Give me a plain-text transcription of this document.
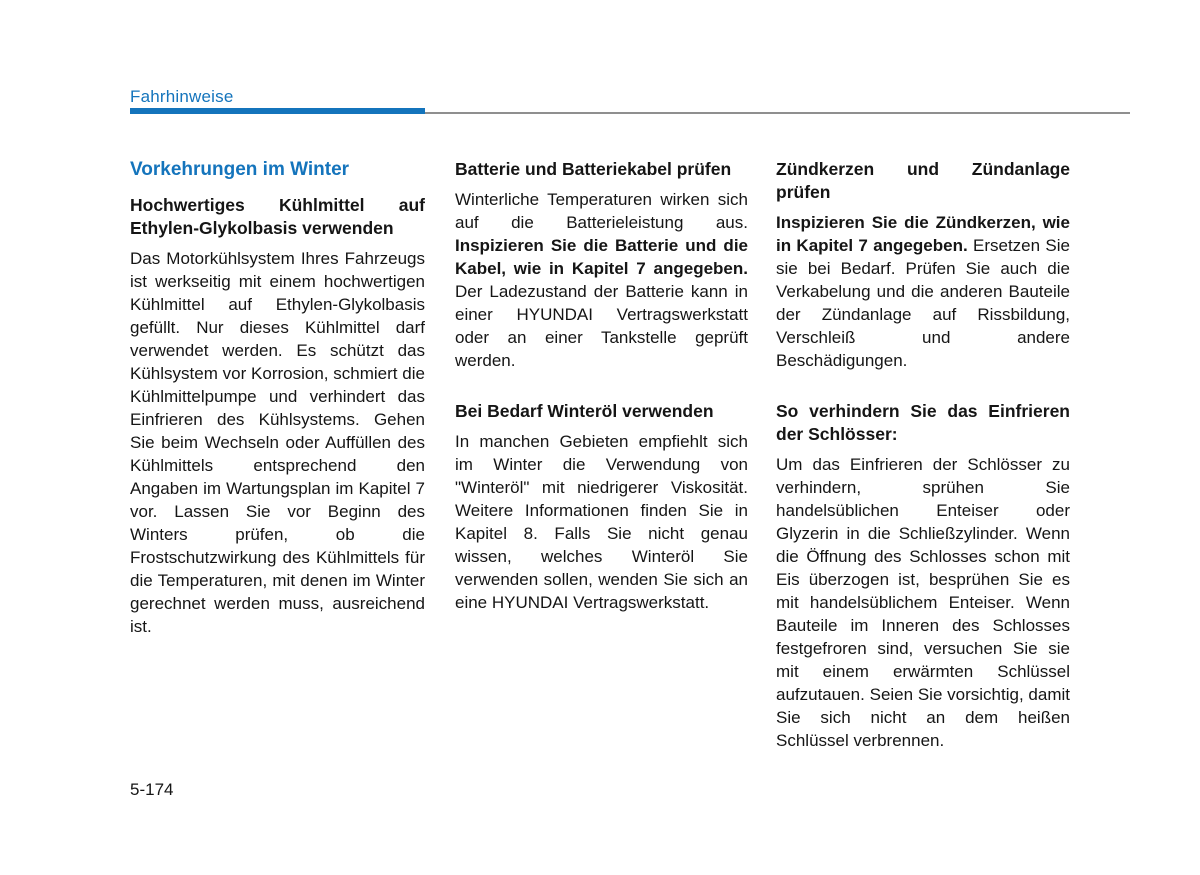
Fahrhinweise
Vorkehrungen im Winter
Hochwertiges Kühlmittel auf Ethylen-Glykolbasis verwenden

Das Motorkühlsystem Ihres Fahrzeugs ist werkseitig mit einem hochwertigen Kühlmittel auf Ethylen-Glykolbasis gefüllt. Nur dieses Kühlmittel darf verwendet werden. Es schützt das Kühlsystem vor Korrosion, schmiert die Kühlmittelpumpe und verhindert das Einfrieren des Kühlsystems. Gehen Sie beim Wechseln oder Auffüllen des Kühlmittels entsprechend den Angaben im Wartungsplan im Kapitel 7 vor. Lassen Sie vor Beginn des Winters prüfen, ob die Frostschutzwirkung des Kühlmittels für die Temperaturen, mit denen im Winter gerechnet werden muss, ausreichend ist.

Batterie und Batteriekabel prüfen

Winterliche Temperaturen wirken sich auf die Batterieleistung aus. Inspizieren Sie die Batterie und die Kabel, wie in Kapitel 7 angegeben. Der Ladezustand der Batterie kann in einer HYUNDAI Vertragswerkstatt oder an einer Tankstelle geprüft werden.

Bei Bedarf Winteröl verwenden

In manchen Gebieten empfiehlt sich im Winter die Verwendung von "Winteröl" mit niedrigerer Viskosität. Weitere Informationen finden Sie in Kapitel 8. Falls Sie nicht genau wissen, welches Winteröl Sie verwenden sollen, wenden Sie sich an eine HYUNDAI Vertragswerkstatt.

Zündkerzen und Zündanlage prüfen

Inspizieren Sie die Zündkerzen, wie in Kapitel 7 angegeben. Ersetzen Sie sie bei Bedarf. Prüfen Sie auch die Verkabelung und die anderen Bauteile der Zündanlage auf Rissbildung, Verschleiß und andere Beschädigungen.

So verhindern Sie das Einfrieren der Schlösser:

Um das Einfrieren der Schlösser zu verhindern, sprühen Sie handelsüblichen Enteiser oder Glyzerin in die Schließzylinder. Wenn die Öffnung des Schlosses schon mit Eis überzogen ist, besprühen Sie es mit handelsüblichem Enteiser. Wenn Bauteile im Inneren des Schlosses festgefroren sind, versuchen Sie sie mit einem erwärmten Schlüssel aufzutauen. Seien Sie vorsichtig, damit Sie sich nicht an dem heißen Schlüssel verbrennen.

5-174
